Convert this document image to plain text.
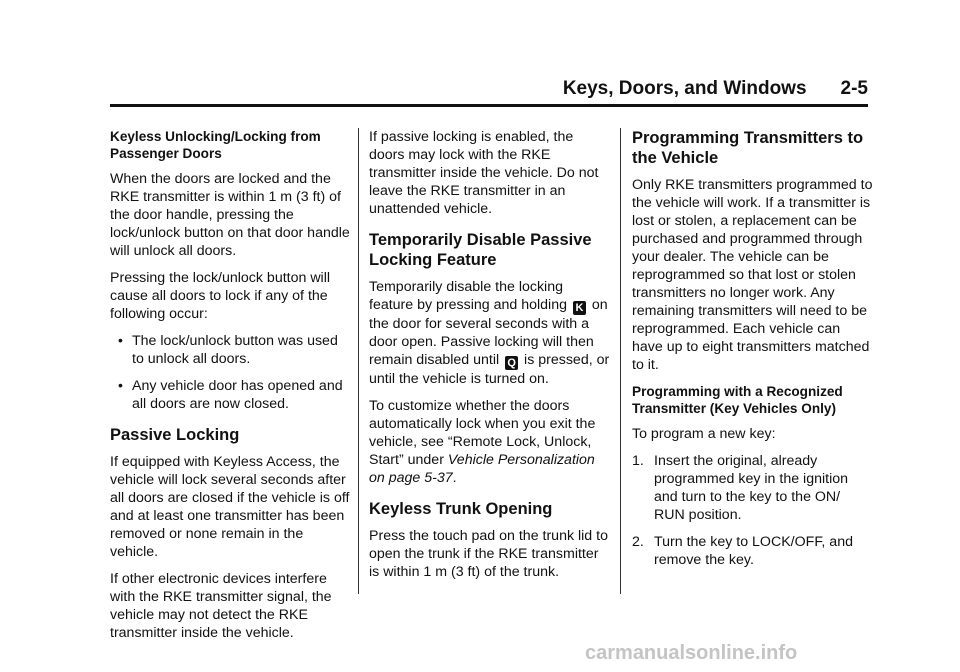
Keys, Doors, and Windows 2-5
Keyless Unlocking/Locking from Passenger Doors

When the doors are locked and the RKE transmitter is within 1 m (3 ft) of the door handle, pressing the lock/unlock button on that door handle will unlock all doors.

Pressing the lock/unlock button will cause all doors to lock if any of the following occur:

• The lock/unlock button was used to unlock all doors.
• Any vehicle door has opened and all doors are now closed.
Passive Locking

If equipped with Keyless Access, the vehicle will lock several seconds after all doors are closed if the vehicle is off and at least one transmitter has been removed or none remain in the vehicle.

If other electronic devices interfere with the RKE transmitter signal, the vehicle may not detect the RKE transmitter inside the vehicle.

If passive locking is enabled, the doors may lock with the RKE transmitter inside the vehicle. Do not leave the RKE transmitter in an unattended vehicle.

Temporarily Disable Passive Locking Feature

Temporarily disable the locking feature by pressing and holding K on the door for several seconds with a door open. Passive locking will then remain disabled until Q is pressed, or until the vehicle is turned on.

To customize whether the doors automatically lock when you exit the vehicle, see “Remote Lock, Unlock, Start” under Vehicle Personalization on page 5-37.

Keyless Trunk Opening

Press the touch pad on the trunk lid to open the trunk if the RKE transmitter is within 1 m (3 ft) of the trunk.

Programming Transmitters to the Vehicle

Only RKE transmitters programmed to the vehicle will work. If a transmitter is lost or stolen, a replacement can be purchased and programmed through your dealer. The vehicle can be reprogrammed so that lost or stolen transmitters no longer work. Any remaining transmitters will need to be reprogrammed. Each vehicle can have up to eight transmitters matched to it.

Programming with a Recognized Transmitter (Key Vehicles Only)

To program a new key:

1. Insert the original, already programmed key in the ignition and turn to the key to the ON/ RUN position.
2. Turn the key to LOCK/OFF, and remove the key.
carmanualsonline.info
